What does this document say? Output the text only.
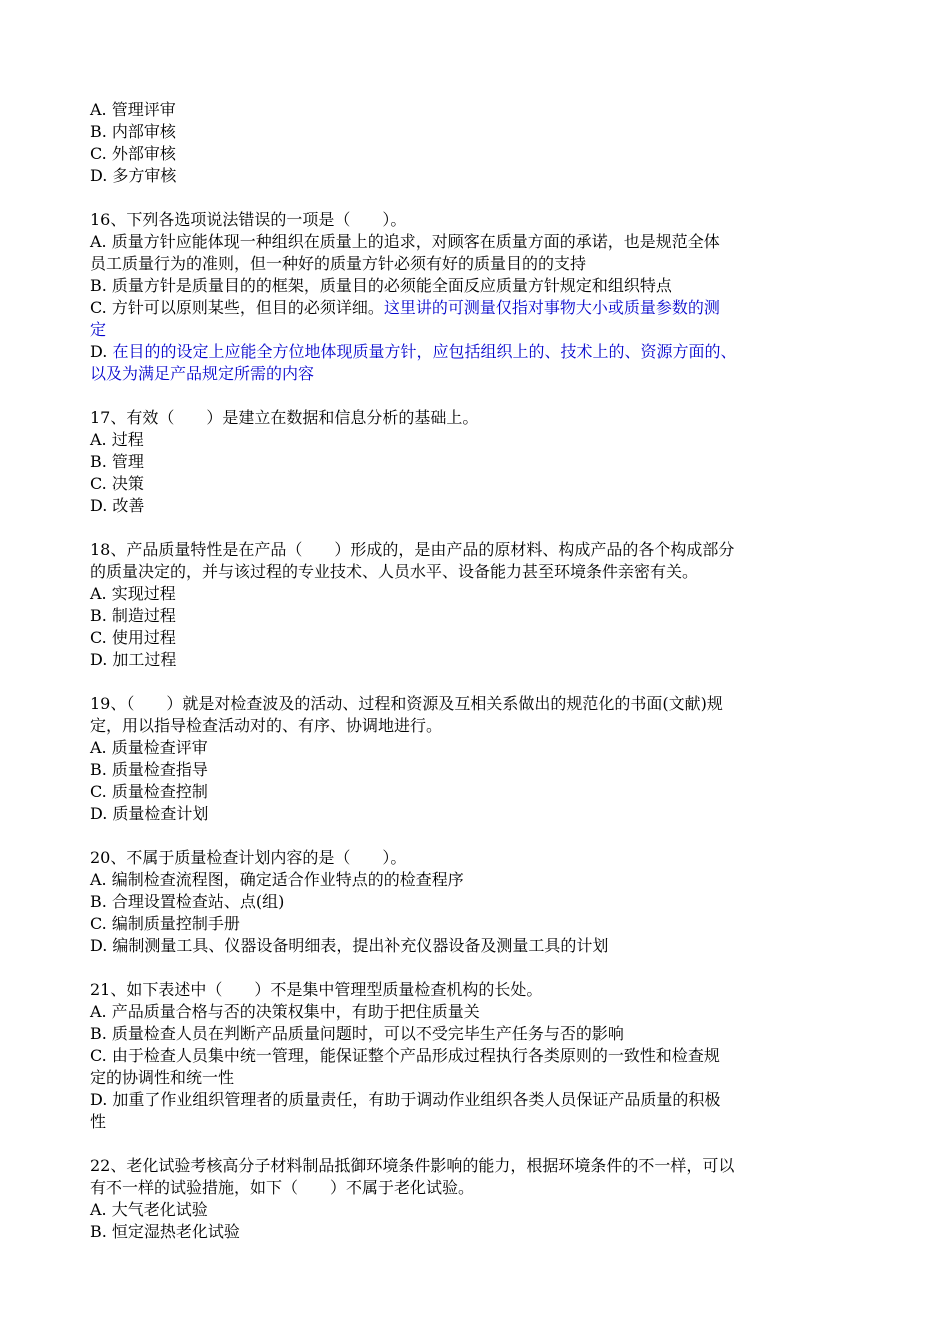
A. 管理评审
B. 内部审核
C. 外部审核
D. 多方审核
16、下列各选项说法错误的一项是（　　）。
A. 质量方针应能体现一种组织在质量上的追求，对顾客在质量方面的承诺，也是规范全体
员工质量行为的准则，但一种好的质量方针必须有好的质量目的的支持
B. 质量方针是质量目的的框架，质量目的必须能全面反应质量方针规定和组织特点
C. 方针可以原则某些，但目的必须详细。这里讲的可测量仅指对事物大小或质量参数的测
定
D. 在目的的设定上应能全方位地体现质量方针，应包括组织上的、技术上的、资源方面的、
以及为满足产品规定所需的内容
17、有效（　　）是建立在数据和信息分析的基础上。
A. 过程
B. 管理
C. 决策
D. 改善
18、产品质量特性是在产品（　　）形成的，是由产品的原材料、构成产品的各个构成部分
的质量决定的，并与该过程的专业技术、人员水平、设备能力甚至环境条件亲密有关。
A. 实现过程
B. 制造过程
C. 使用过程
D. 加工过程
19、（　　）就是对检查波及的活动、过程和资源及互相关系做出的规范化的书面(文献)规
定，用以指导检查活动对的、有序、协调地进行。
A. 质量检查评审
B. 质量检查指导
C. 质量检查控制
D. 质量检查计划
20、不属于质量检查计划内容的是（　　）。
A. 编制检查流程图，确定适合作业特点的的检查程序
B. 合理设置检查站、点(组)
C. 编制质量控制手册
D. 编制测量工具、仪器设备明细表，提出补充仪器设备及测量工具的计划
21、如下表述中（　　）不是集中管理型质量检查机构的长处。
A. 产品质量合格与否的决策权集中，有助于把住质量关
B. 质量检查人员在判断产品质量问题时，可以不受完毕生产任务与否的影响
C. 由于检查人员集中统一管理，能保证整个产品形成过程执行各类原则的一致性和检查规
定的协调性和统一性
D. 加重了作业组织管理者的质量责任，有助于调动作业组织各类人员保证产品质量的积极
性
22、老化试验考核高分子材料制品抵御环境条件影响的能力，根据环境条件的不一样，可以
有不一样的试验措施，如下（　　）不属于老化试验。
A. 大气老化试验
B. 恒定湿热老化试验
